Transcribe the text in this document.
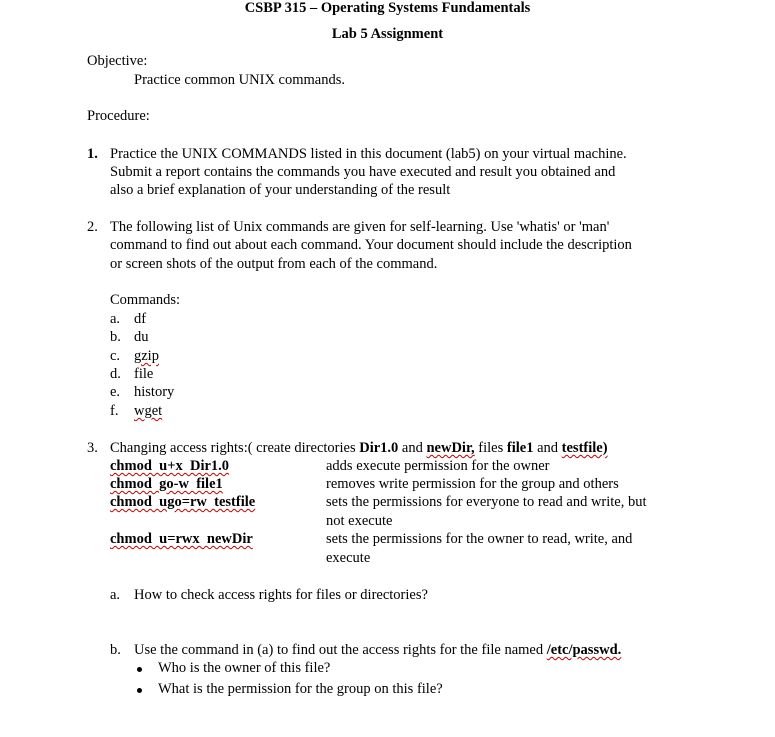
CSBP 315 – Operating Systems Fundamentals
Lab 5 Assignment
Objective:
Practice common UNIX commands.
Procedure:
1. Practice the UNIX COMMANDS listed in this document (lab5) on your virtual machine.
Submit a report contains the commands you have executed and result you obtained and
also a brief explanation of your understanding of the result
2. The following list of Unix commands are given for self-learning. Use 'whatis' or 'man'
command to find out about each command. Your document should include the description
or screen shots of the output from each of the command.
Commands:
a. df
b. du
c. gzip
d. file
e. history
f. wget
3. Changing access rights:( create directories Dir1.0 and newDir, files file1 and testfile)
chmod  u+x  Dir1.0	adds execute permission for the owner
chmod  go-w  file1	removes write permission for the group and others
chmod  ugo=rw  testfile	sets the permissions for everyone to read and write, but
not execute
chmod  u=rwx  newDir	sets the permissions for the owner to read, write, and
execute
a. How to check access rights for files or directories?
b. Use the command in (a) to find out the access rights for the file named /etc/passwd.
Who is the owner of this file?
What is the permission for the group on this file?
